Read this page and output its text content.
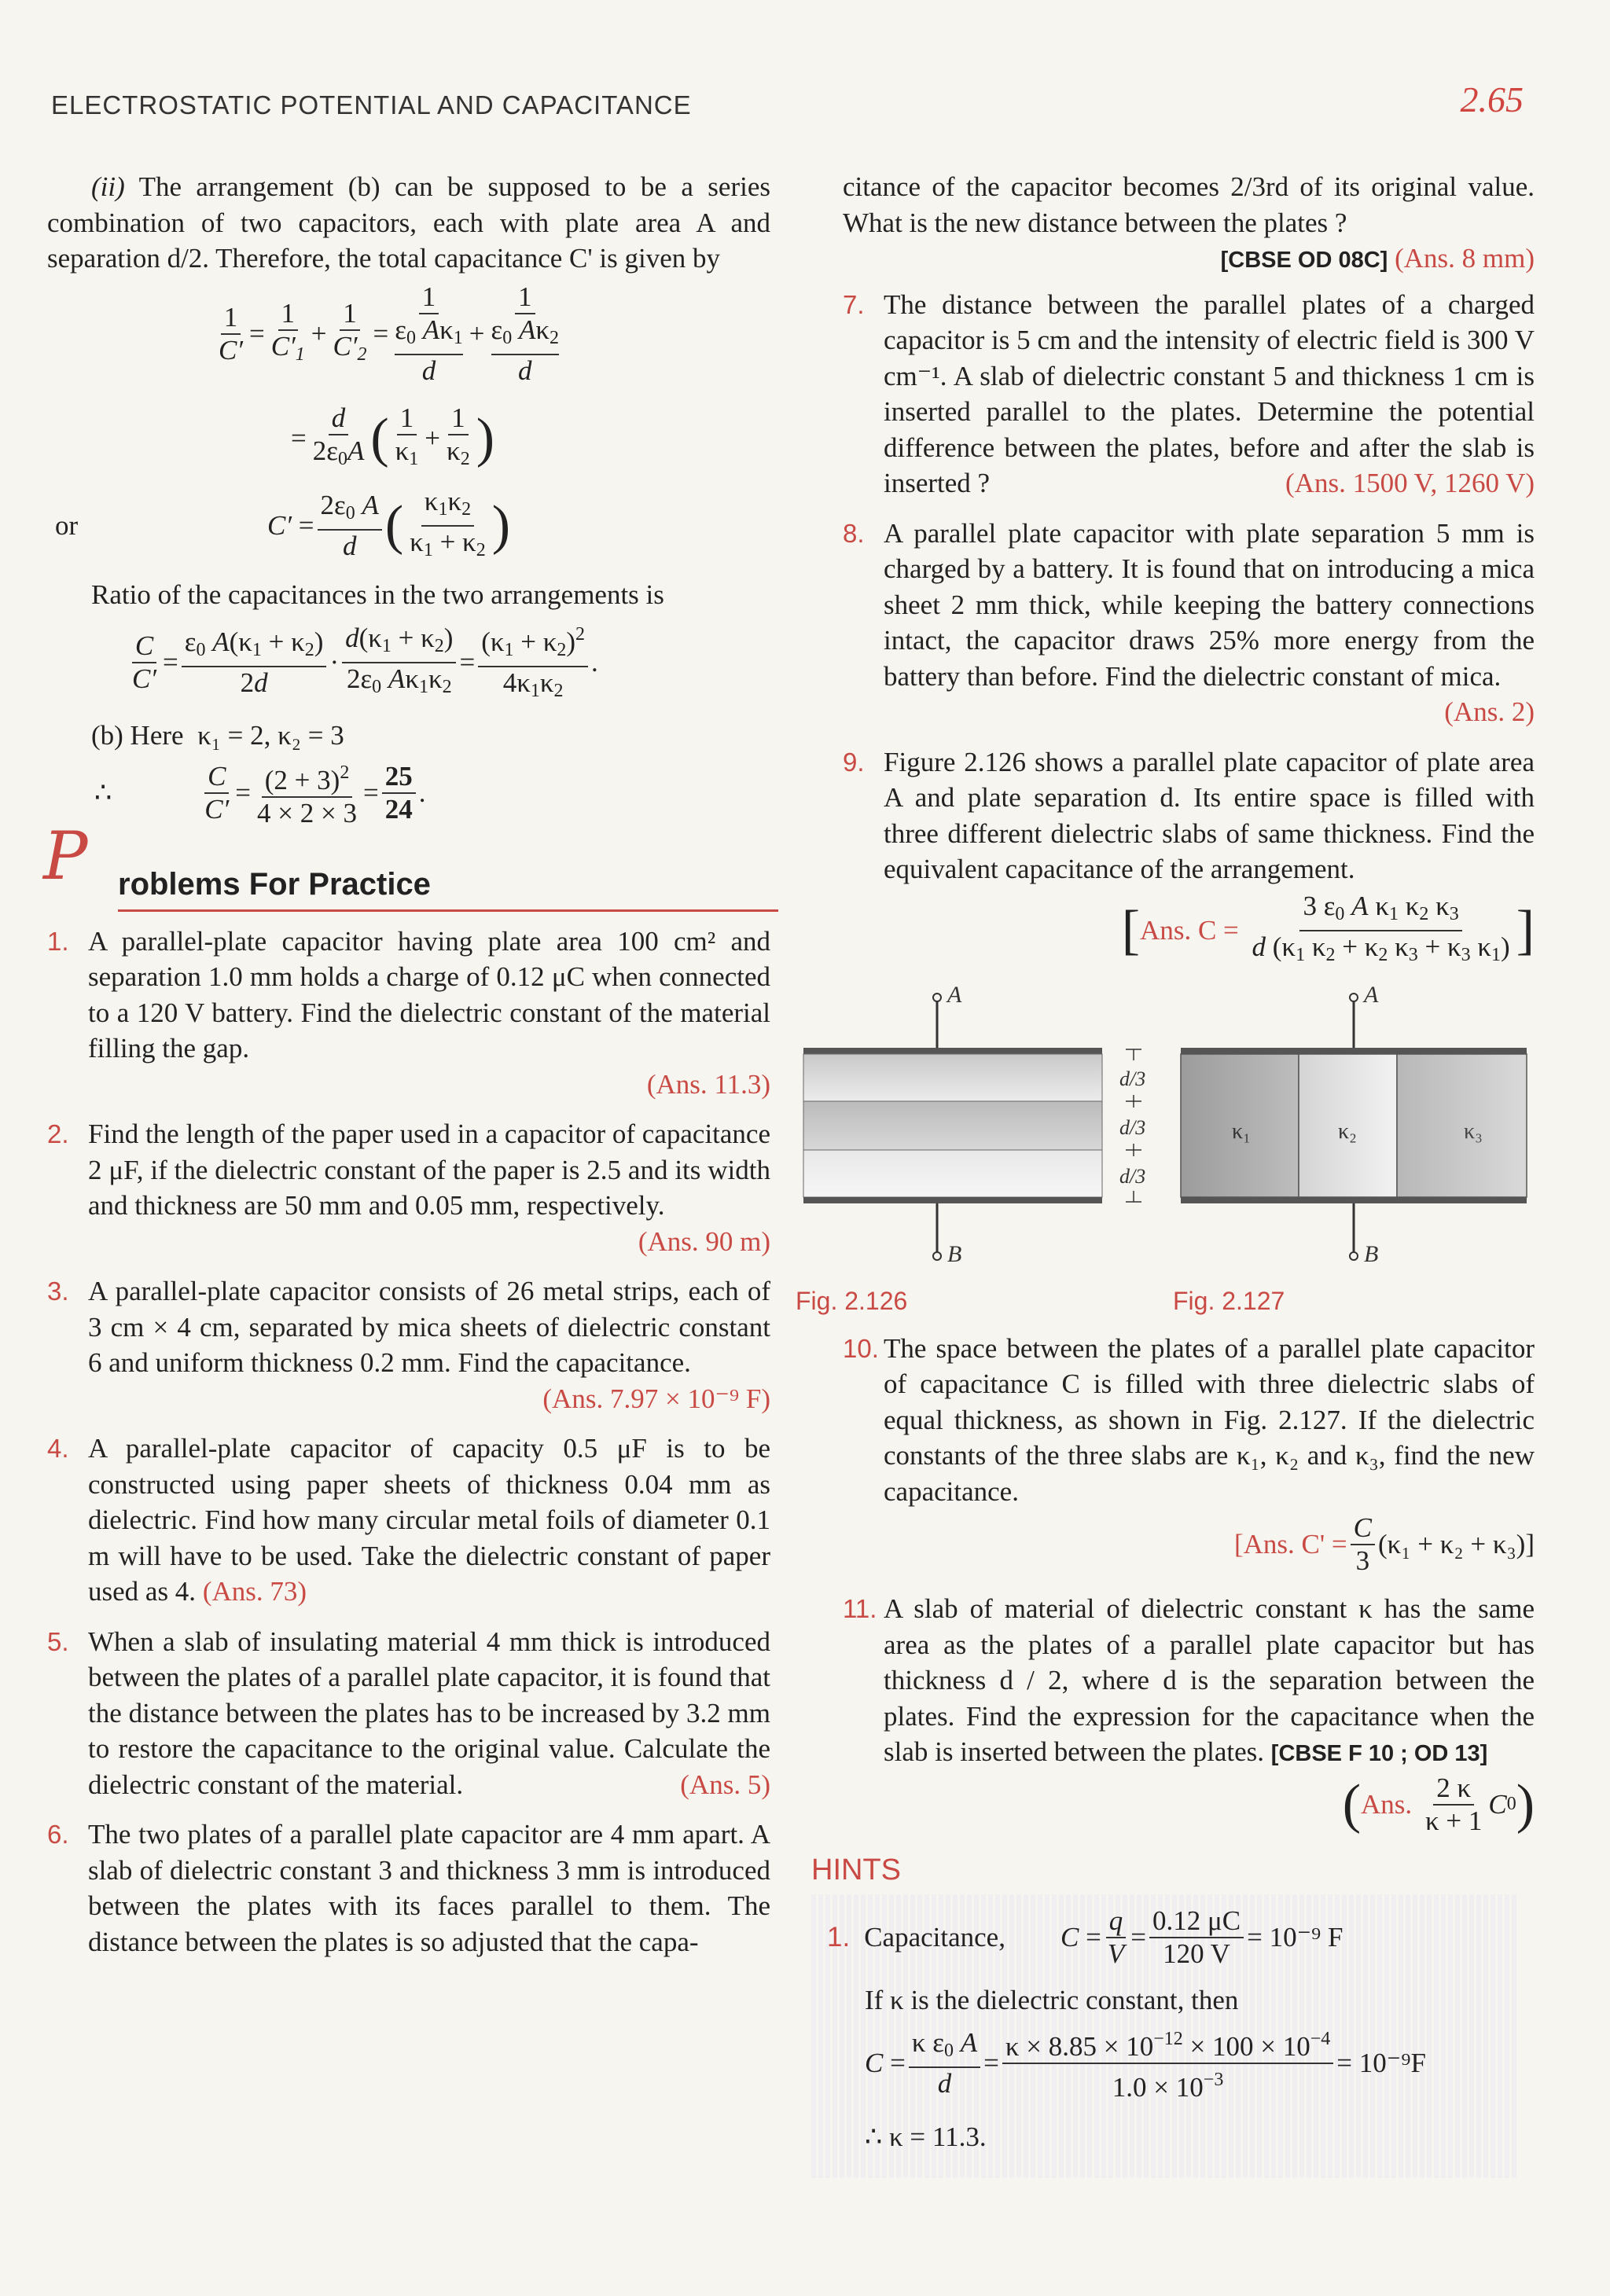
ELECTROSTATIC POTENTIAL AND CAPACITANCE	2.65

(ii) The arrangement (b) can be supposed to be a series combination of two capacitors, each with plate area A and separation d/2. Therefore, the total capacitance C' is given by

$\frac{1}{C'} = \frac{1}{C'_1} + \frac{1}{C'_2} = 1$
$\varepsilon_0$ $A\kappa_1$
d + 1
$\varepsilon_0$ $A\kappa_2$
d
= $\frac{d}{2\varepsilon_0A}$ ( $\frac{1}{\kappa_1} + \frac{1}{\kappa_2}$ )
or	$C' = \frac{2\varepsilon_0 A}{d}$ ( $\frac{\kappa_1\kappa_2}{\kappa_1 + \kappa_2}$ )

Ratio of the capacitances in the two arrangements is

$\frac{C}{C'} = \frac{\varepsilon_0 A(\kappa_1 + \kappa_2)}{2d} \cdot \frac{d(\kappa_1 + \kappa_2)}{2\varepsilon_0 A\kappa_1\kappa_2} = \frac{(\kappa_1 + \kappa_2)^2}{4\kappa_1\kappa_2}$ .

(b) Here κ₁ = 2, κ₂ = 3

∴	$\frac{C}{C'} = \frac{(2 + 3)^2}{4 \times 2 \times 3} = \frac{25}{24}$ .
P roblems For Practice
1. A parallel-plate capacitor having plate area 100 cm² and separation 1.0 mm holds a charge of 0.12 μC when connected to a 120 V battery. Find the dielectric constant of the material filling the gap.

(Ans. 11.3)
2. Find the length of the paper used in a capacitor of capacitance 2 μF, if the dielectric constant of the paper is 2.5 and its width and thickness are 50 mm and 0.05 mm, respectively.
(Ans. 90 m)
3. A parallel-plate capacitor consists of 26 metal strips, each of 3 cm × 4 cm, separated by mica sheets of dielectric constant 6 and uniform thickness 0.2 mm. Find the capacitance.
(Ans. 7.97 × 10⁻⁹ F)
4. A parallel-plate capacitor of capacity 0.5 μF is to be constructed using paper sheets of thickness 0.04 mm as dielectric. Find how many circular metal foils of diameter 0.1 m will have to be used. Take the dielectric constant of paper used as 4. (Ans. 73)
5. When a slab of insulating material 4 mm thick is introduced between the plates of a parallel plate capacitor, it is found that the distance between the plates has to be increased by 3.2 mm to restore the capacitance to the original value. Calculate the dielectric constant of the material.	(Ans. 5)
6. The two plates of a parallel plate capacitor are 4 mm apart. A slab of dielectric constant 3 and thickness 3 mm is introduced between the plates with its faces parallel to them. The distance between the plates is so adjusted that the capa-

citance of the capacitor becomes 2/3rd of its original value. What is the new distance between the plates ?
[CBSE OD 08C] (Ans. 8 mm)

7. The distance between the parallel plates of a charged capacitor is 5 cm and the intensity of electric field is 300 V cm⁻¹. A slab of dielectric constant 5 and thickness 1 cm is inserted parallel to the plates. Determine the potential difference between the plates, before and after the slab is inserted ?	(Ans. 1500 V, 1260 V)
8. A parallel plate capacitor with plate separation 5 mm is charged by a battery. It is found that on introducing a mica sheet 2 mm thick, while keeping the battery connections intact, the capacitor draws 25% more energy from the battery than before. Find the dielectric constant of mica.
(Ans. 2)
9. Figure 2.126 shows a parallel plate capacitor of plate area A and plate separation d. Its entire space is filled with three different dielectric slabs of same thickness. Find the equivalent capacitance of the arrangement.
[ Ans. C =
$\frac{3 \varepsilon_0 A \kappa_1 \kappa_2 \kappa_3}{d (\kappa_1 \kappa_2 + \kappa_2 \kappa_3 + \kappa_3 \kappa_1)}$ ]
A
B
d/3
d/3
d/3
A
B
κ₁	κ₂	κ₃
Fig. 2.126	Fig. 2.127
10. The space between the plates of a parallel plate capacitor of capacitance C is filled with three dielectric slabs of equal thickness, as shown in Fig. 2.127. If the dielectric constants of the three slabs are κ₁, κ₂ and κ₃, find the new capacitance.
[Ans. $C' = \frac{C}{3} (\kappa_1 + \kappa_2 + \kappa_3)$]
11. A slab of material of dielectric constant κ has the same area as the plates of a parallel plate capacitor but has thickness d / 2, where d is the separation between the plates. Find the expression for the capacitance when the slab is inserted between the plates. [CBSE F 10 ; OD 13]
( Ans.
$\frac{2 \kappa}{\kappa + 1}$ C 0 )
HINTS
1. Capacitance, $C = \frac{q}{V} = \frac{0.12 \mu C}{120 V} = 10^{-9}$ F

If κ is the dielectric constant, then

$C = \frac{\kappa \varepsilon_0 A}{d} = \frac{\kappa \times 8.85 \times 10^{-12} \times 100 \times 10^{-4}}{1.0 \times 10^{-3}} = 10^{-9}F$

∴ κ = 11.3.
